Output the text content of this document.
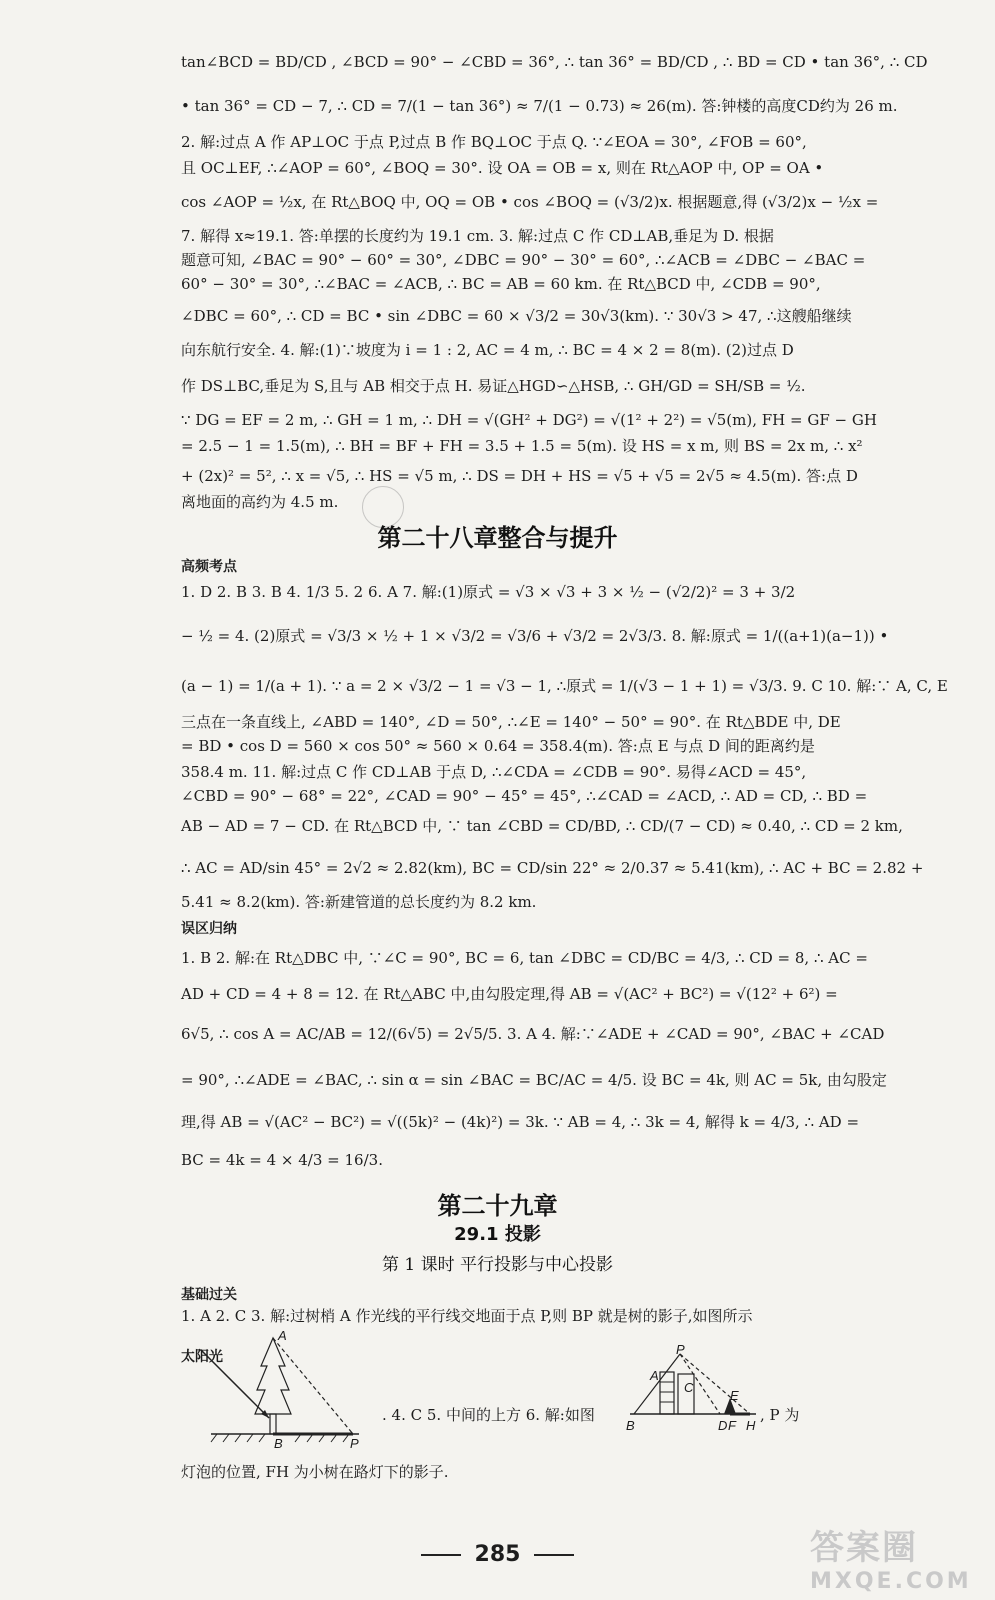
tan∠BCD = BD/CD , ∠BCD = 90° − ∠CBD = 36°, ∴ tan 36° = BD/CD , ∴ BD = CD • tan 36°, ∴ CD
• tan 36° = CD − 7, ∴ CD = 7/(1 − tan 36°) ≈ 7/(1 − 0.73) ≈ 26(m). 答:钟楼的高度CD约为 26 m.
2. 解:过点 A 作 AP⊥OC 于点 P,过点 B 作 BQ⊥OC 于点 Q. ∵∠EOA = 30°, ∠FOB = 60°,
且 OC⊥EF, ∴∠AOP = 60°, ∠BOQ = 30°. 设 OA = OB = x, 则在 Rt△AOP 中, OP = OA •
cos ∠AOP = ½x, 在 Rt△BOQ 中, OQ = OB • cos ∠BOQ = (√3/2)x. 根据题意,得 (√3/2)x − ½x =
7. 解得 x≈19.1. 答:单摆的长度约为 19.1 cm. 3. 解:过点 C 作 CD⊥AB,垂足为 D. 根据
题意可知, ∠BAC = 90° − 60° = 30°, ∠DBC = 90° − 30° = 60°, ∴∠ACB = ∠DBC − ∠BAC =
60° − 30° = 30°, ∴∠BAC = ∠ACB, ∴ BC = AB = 60 km. 在 Rt△BCD 中, ∠CDB = 90°,
∠DBC = 60°, ∴ CD = BC • sin ∠DBC = 60 × √3/2 = 30√3(km). ∵ 30√3 > 47, ∴这艘船继续
向东航行安全. 4. 解:(1)∵坡度为 i = 1 : 2, AC = 4 m, ∴ BC = 4 × 2 = 8(m). (2)过点 D
作 DS⊥BC,垂足为 S,且与 AB 相交于点 H. 易证△HGD∽△HSB, ∴ GH/GD = SH/SB = ½.
∵ DG = EF = 2 m, ∴ GH = 1 m, ∴ DH = √(GH² + DG²) = √(1² + 2²) = √5(m), FH = GF − GH
= 2.5 − 1 = 1.5(m), ∴ BH = BF + FH = 3.5 + 1.5 = 5(m). 设 HS = x m, 则 BS = 2x m, ∴ x²
+ (2x)² = 5², ∴ x = √5, ∴ HS = √5 m, ∴ DS = DH + HS = √5 + √5 = 2√5 ≈ 4.5(m). 答:点 D
离地面的高约为 4.5 m.
第二十八章整合与提升
高频考点
1. D 2. B 3. B 4. 1/3 5. 2 6. A 7. 解:(1)原式 = √3 × √3 + 3 × ½ − (√2/2)² = 3 + 3/2
− ½ = 4. (2)原式 = √3/3 × ½ + 1 × √3/2 = √3/6 + √3/2 = 2√3/3. 8. 解:原式 = 1/((a+1)(a−1)) •
(a − 1) = 1/(a + 1). ∵ a = 2 × √3/2 − 1 = √3 − 1, ∴原式 = 1/(√3 − 1 + 1) = √3/3. 9. C 10. 解:∵ A, C, E
三点在一条直线上, ∠ABD = 140°, ∠D = 50°, ∴∠E = 140° − 50° = 90°. 在 Rt△BDE 中, DE
= BD • cos D = 560 × cos 50° ≈ 560 × 0.64 = 358.4(m). 答:点 E 与点 D 间的距离约是
358.4 m. 11. 解:过点 C 作 CD⊥AB 于点 D, ∴∠CDA = ∠CDB = 90°. 易得∠ACD = 45°,
∠CBD = 90° − 68° = 22°, ∠CAD = 90° − 45° = 45°, ∴∠CAD = ∠ACD, ∴ AD = CD, ∴ BD =
AB − AD = 7 − CD. 在 Rt△BCD 中, ∵ tan ∠CBD = CD/BD, ∴ CD/(7 − CD) ≈ 0.40, ∴ CD = 2 km,
∴ AC = AD/sin 45° = 2√2 ≈ 2.82(km), BC = CD/sin 22° ≈ 2/0.37 ≈ 5.41(km), ∴ AC + BC = 2.82 +
5.41 ≈ 8.2(km). 答:新建管道的总长度约为 8.2 km.
误区归纳
1. B 2. 解:在 Rt△DBC 中, ∵∠C = 90°, BC = 6, tan ∠DBC = CD/BC = 4/3, ∴ CD = 8, ∴ AC =
AD + CD = 4 + 8 = 12. 在 Rt△ABC 中,由勾股定理,得 AB = √(AC² + BC²) = √(12² + 6²) =
6√5, ∴ cos A = AC/AB = 12/(6√5) = 2√5/5. 3. A 4. 解:∵∠ADE + ∠CAD = 90°, ∠BAC + ∠CAD
= 90°, ∴∠ADE = ∠BAC, ∴ sin α = sin ∠BAC = BC/AC = 4/5. 设 BC = 4k, 则 AC = 5k, 由勾股定
理,得 AB = √(AC² − BC²) = √((5k)² − (4k)²) = 3k. ∵ AB = 4, ∴ 3k = 4, 解得 k = 4/3, ∴ AD =
BC = 4k = 4 × 4/3 = 16/3.
第二十九章
29.1 投影
第 1 课时 平行投影与中心投影
基础过关
1. A 2. C 3. 解:过树梢 A 作光线的平行线交地面于点 P,则 BP 就是树的影子,如图所示
太阳光
A
B	P
. 4. C 5. 中间的上方 6. 解:如图
P
A
C
E
B	D F H
, P 为
灯泡的位置, FH 为小树在路灯下的影子.
285	答案圈
MXQE.COM
